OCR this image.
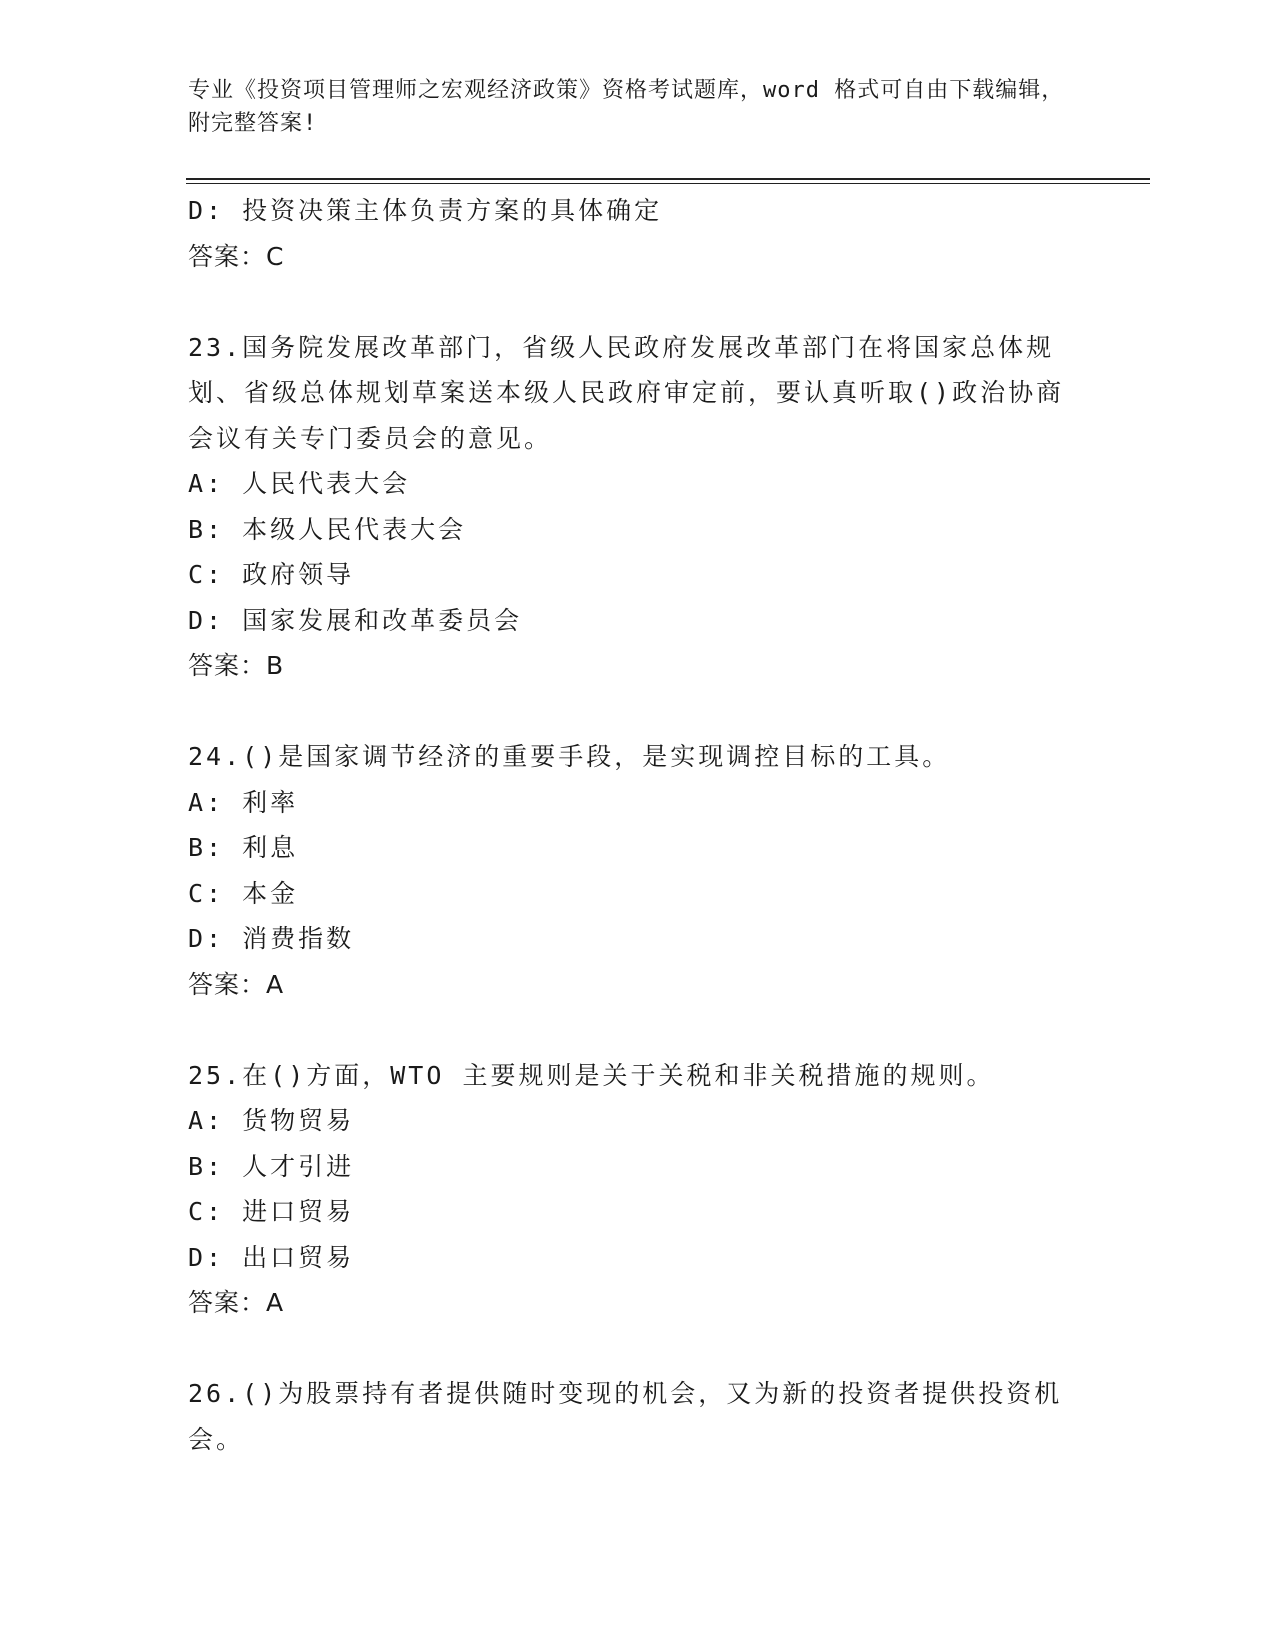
专业《投资项目管理师之宏观经济政策》资格考试题库，word 格式可自由下载编辑，附完整答案!
D: 投资决策主体负责方案的具体确定
答案：C
23.国务院发展改革部门，省级人民政府发展改革部门在将国家总体规划、省级总体规划草案送本级人民政府审定前，要认真听取()政治协商会议有关专门委员会的意见。
A: 人民代表大会
B: 本级人民代表大会
C: 政府领导
D: 国家发展和改革委员会
答案：B
24.()是国家调节经济的重要手段，是实现调控目标的工具。
A: 利率
B: 利息
C: 本金
D: 消费指数
答案：A
25.在()方面，WTO 主要规则是关于关税和非关税措施的规则。
A: 货物贸易
B: 人才引进
C: 进口贸易
D: 出口贸易
答案：A
26.()为股票持有者提供随时变现的机会，又为新的投资者提供投资机会。
